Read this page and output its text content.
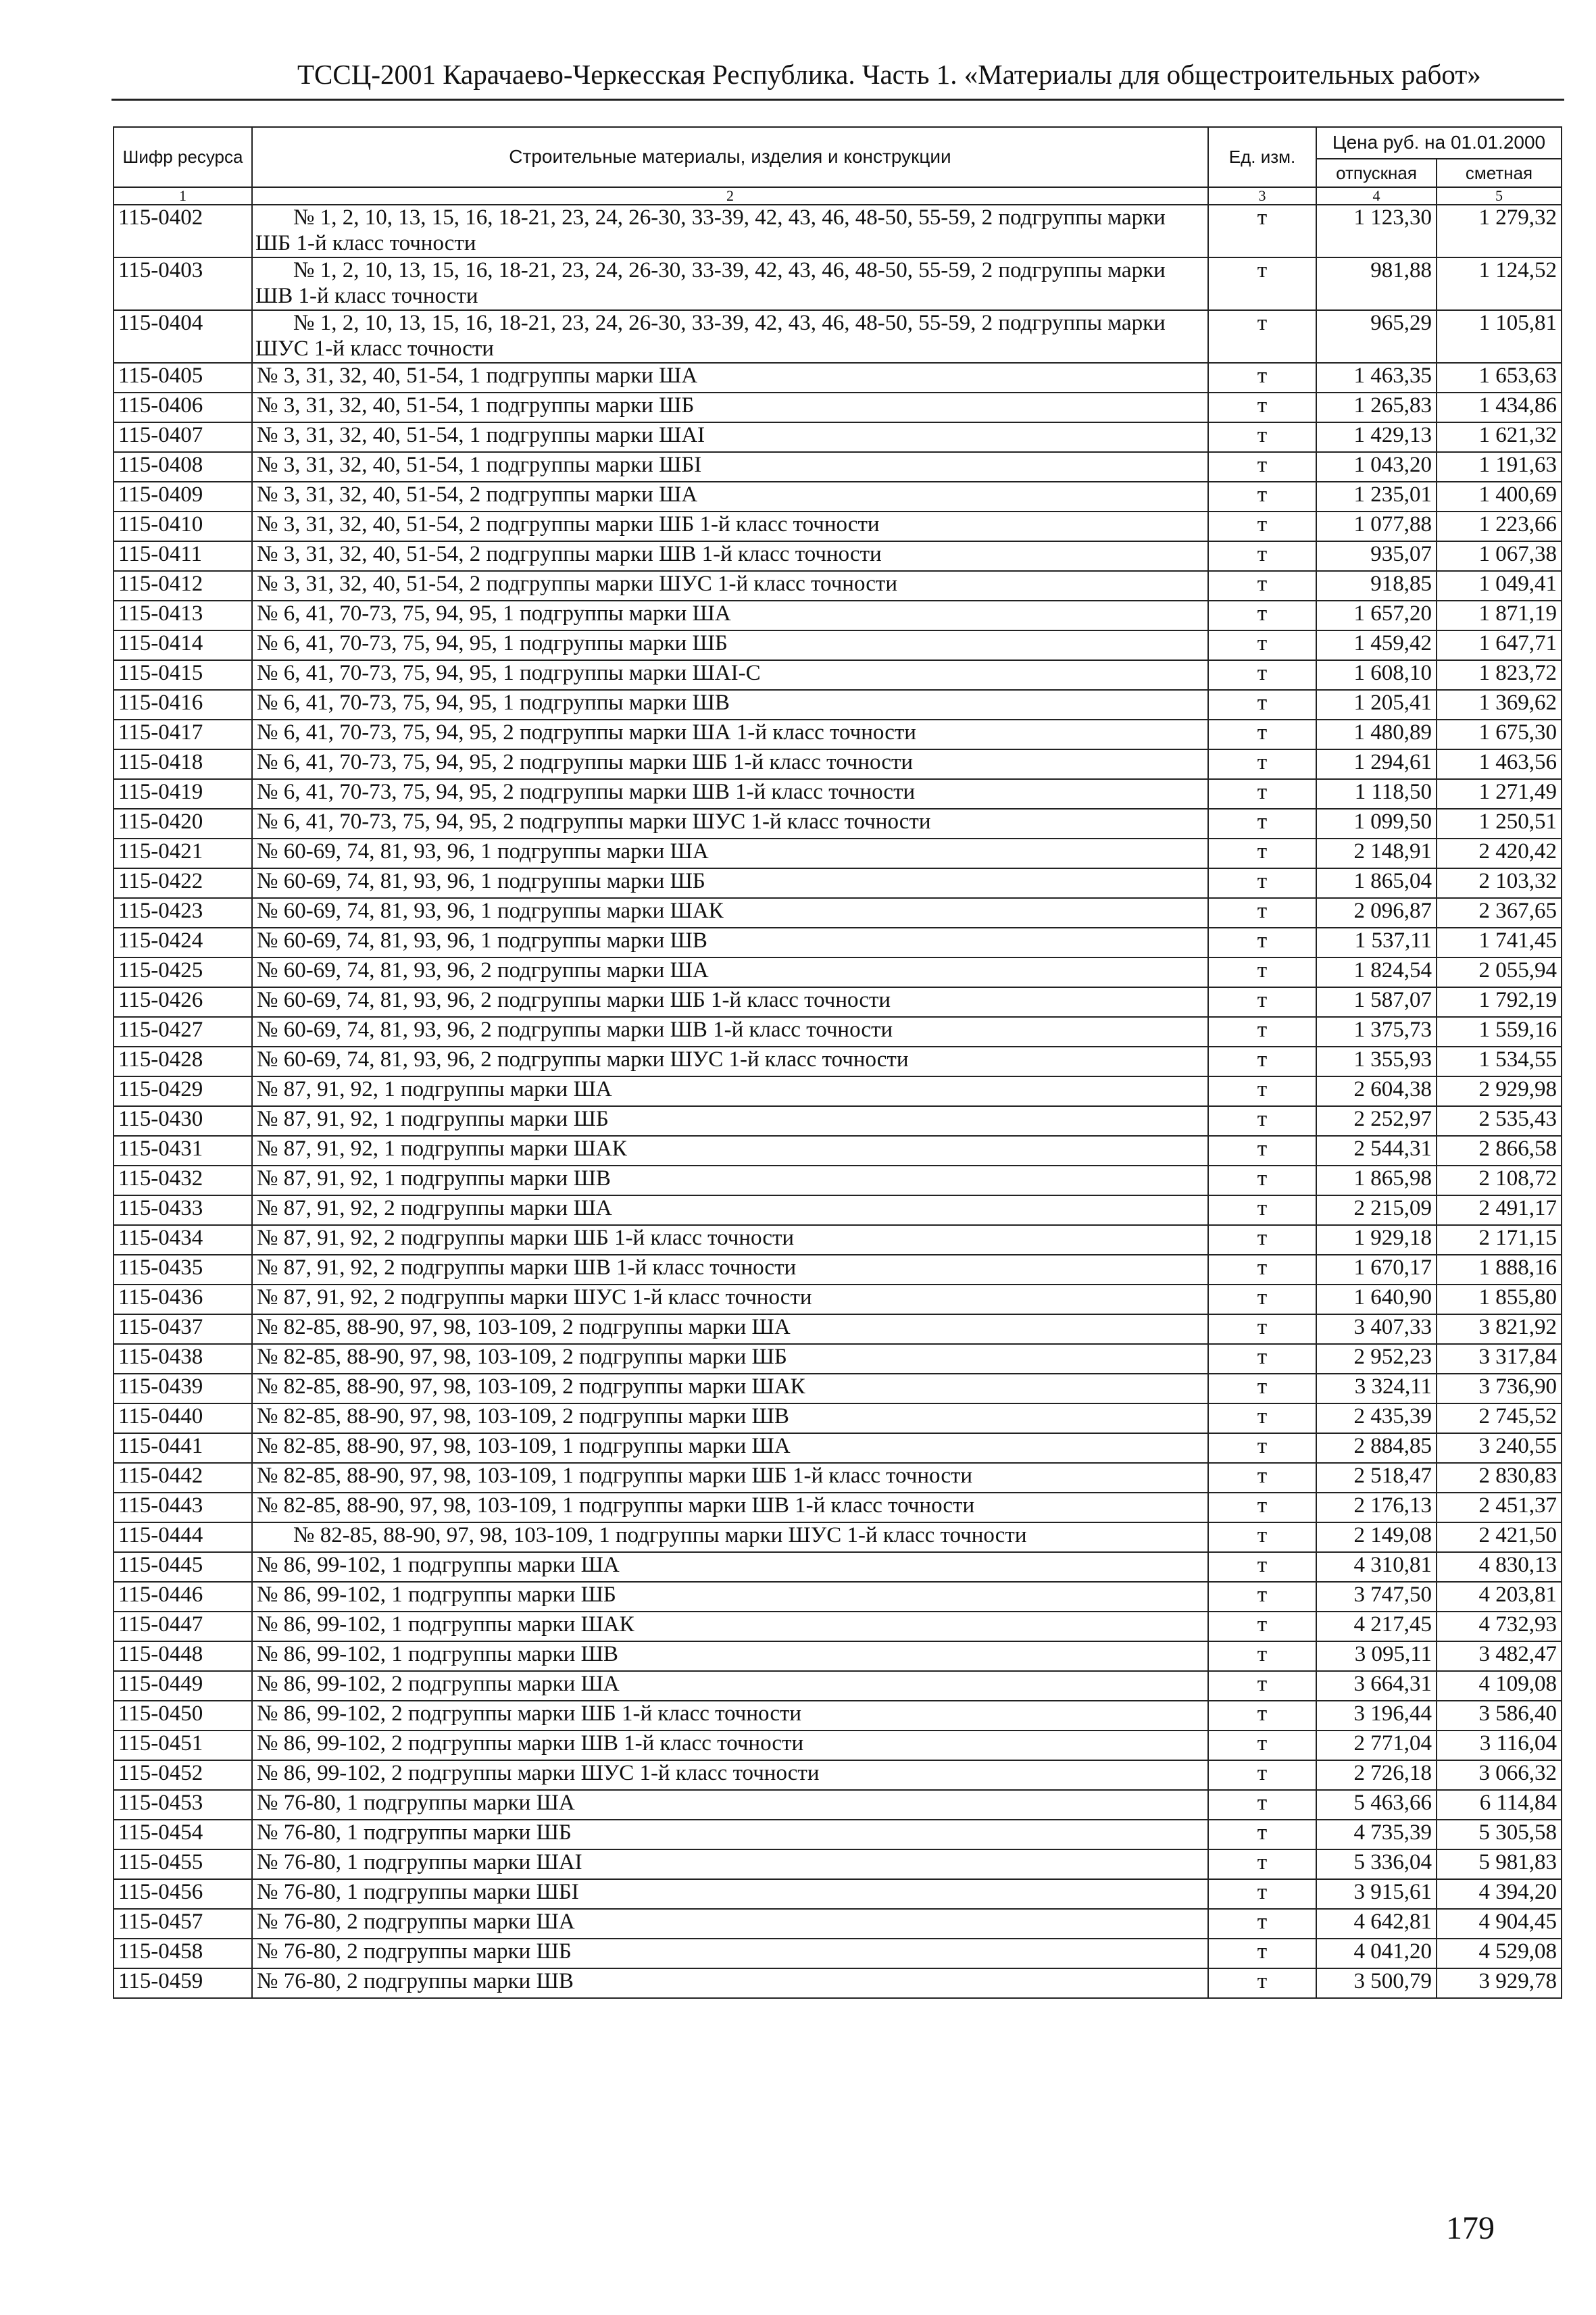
ТССЦ-2001 Карачаево-Черкесская Республика. Часть 1. «Материалы для общестроительных работ»
Шифр ресурса	Строительные материалы, изделия и конструкции	Ед. изм.	Цена руб. на 01.01.2000	
			отпускная	сметная
1	2	3	4	5
115-0402	№ 1, 2, 10, 13, 15, 16, 18-21, 23, 24, 26-30, 33-39, 42, 43, 46, 48-50, 55-59, 2 подгруппы марки ШБ 1-й класс точности	т	1 123,30	1 279,32
115-0403	№ 1, 2, 10, 13, 15, 16, 18-21, 23, 24, 26-30, 33-39, 42, 43, 46, 48-50, 55-59, 2 подгруппы марки ШВ 1-й класс точности	т	981,88	1 124,52
115-0404	№ 1, 2, 10, 13, 15, 16, 18-21, 23, 24, 26-30, 33-39, 42, 43, 46, 48-50, 55-59, 2 подгруппы марки ШУС 1-й класс точности	т	965,29	1 105,81
115-0405	№ 3, 31, 32, 40, 51-54, 1 подгруппы марки ША	т	1 463,35	1 653,63
115-0406	№ 3, 31, 32, 40, 51-54, 1 подгруппы марки ШБ	т	1 265,83	1 434,86
115-0407	№ 3, 31, 32, 40, 51-54, 1 подгруппы марки ШАI	т	1 429,13	1 621,32
115-0408	№ 3, 31, 32, 40, 51-54, 1 подгруппы марки ШБI	т	1 043,20	1 191,63
115-0409	№ 3, 31, 32, 40, 51-54, 2 подгруппы марки ША	т	1 235,01	1 400,69
115-0410	№ 3, 31, 32, 40, 51-54, 2 подгруппы марки ШБ 1-й класс точности	т	1 077,88	1 223,66
115-0411	№ 3, 31, 32, 40, 51-54, 2 подгруппы марки ШВ 1-й класс точности	т	935,07	1 067,38
115-0412	№ 3, 31, 32, 40, 51-54, 2 подгруппы марки ШУС 1-й класс точности	т	918,85	1 049,41
115-0413	№ 6, 41, 70-73, 75, 94, 95, 1 подгруппы марки ША	т	1 657,20	1 871,19
115-0414	№ 6, 41, 70-73, 75, 94, 95, 1 подгруппы марки ШБ	т	1 459,42	1 647,71
115-0415	№ 6, 41, 70-73, 75, 94, 95, 1 подгруппы марки ШАI-С	т	1 608,10	1 823,72
115-0416	№ 6, 41, 70-73, 75, 94, 95, 1 подгруппы марки ШВ	т	1 205,41	1 369,62
115-0417	№ 6, 41, 70-73, 75, 94, 95, 2 подгруппы марки ША 1-й класс точности	т	1 480,89	1 675,30
115-0418	№ 6, 41, 70-73, 75, 94, 95, 2 подгруппы марки ШБ 1-й класс точности	т	1 294,61	1 463,56
115-0419	№ 6, 41, 70-73, 75, 94, 95, 2 подгруппы марки ШВ 1-й класс точности	т	1 118,50	1 271,49
115-0420	№ 6, 41, 70-73, 75, 94, 95, 2 подгруппы марки ШУС 1-й класс точности	т	1 099,50	1 250,51
115-0421	№ 60-69, 74, 81, 93, 96, 1 подгруппы марки ША	т	2 148,91	2 420,42
115-0422	№ 60-69, 74, 81, 93, 96, 1 подгруппы марки ШБ	т	1 865,04	2 103,32
115-0423	№ 60-69, 74, 81, 93, 96, 1 подгруппы марки ШАК	т	2 096,87	2 367,65
115-0424	№ 60-69, 74, 81, 93, 96, 1 подгруппы марки ШВ	т	1 537,11	1 741,45
115-0425	№ 60-69, 74, 81, 93, 96, 2 подгруппы марки ША	т	1 824,54	2 055,94
115-0426	№ 60-69, 74, 81, 93, 96, 2 подгруппы марки ШБ 1-й класс точности	т	1 587,07	1 792,19
115-0427	№ 60-69, 74, 81, 93, 96, 2 подгруппы марки ШВ 1-й класс точности	т	1 375,73	1 559,16
115-0428	№ 60-69, 74, 81, 93, 96, 2 подгруппы марки ШУС 1-й класс точности	т	1 355,93	1 534,55
115-0429	№ 87, 91, 92, 1 подгруппы марки ША	т	2 604,38	2 929,98
115-0430	№ 87, 91, 92, 1 подгруппы марки ШБ	т	2 252,97	2 535,43
115-0431	№ 87, 91, 92, 1 подгруппы марки ШАК	т	2 544,31	2 866,58
115-0432	№ 87, 91, 92, 1 подгруппы марки ШВ	т	1 865,98	2 108,72
115-0433	№ 87, 91, 92, 2 подгруппы марки ША	т	2 215,09	2 491,17
115-0434	№ 87, 91, 92, 2 подгруппы марки ШБ 1-й класс точности	т	1 929,18	2 171,15
115-0435	№ 87, 91, 92, 2 подгруппы марки ШВ 1-й класс точности	т	1 670,17	1 888,16
115-0436	№ 87, 91, 92, 2 подгруппы марки ШУС 1-й класс точности	т	1 640,90	1 855,80
115-0437	№ 82-85, 88-90, 97, 98, 103-109, 2 подгруппы марки ША	т	3 407,33	3 821,92
115-0438	№ 82-85, 88-90, 97, 98, 103-109, 2 подгруппы марки ШБ	т	2 952,23	3 317,84
115-0439	№ 82-85, 88-90, 97, 98, 103-109, 2 подгруппы марки ШАК	т	3 324,11	3 736,90
115-0440	№ 82-85, 88-90, 97, 98, 103-109, 2 подгруппы марки ШВ	т	2 435,39	2 745,52
115-0441	№ 82-85, 88-90, 97, 98, 103-109, 1 подгруппы марки ША	т	2 884,85	3 240,55
115-0442	№ 82-85, 88-90, 97, 98, 103-109, 1 подгруппы марки ШБ 1-й класс точности	т	2 518,47	2 830,83
115-0443	№ 82-85, 88-90, 97, 98, 103-109, 1 подгруппы марки ШВ 1-й класс точности	т	2 176,13	2 451,37
115-0444	№ 82-85, 88-90, 97, 98, 103-109, 1 подгруппы марки ШУС 1-й класс точности	т	2 149,08	2 421,50
115-0445	№ 86, 99-102, 1 подгруппы марки ША	т	4 310,81	4 830,13
115-0446	№ 86, 99-102, 1 подгруппы марки ШБ	т	3 747,50	4 203,81
115-0447	№ 86, 99-102, 1 подгруппы марки ШАК	т	4 217,45	4 732,93
115-0448	№ 86, 99-102, 1 подгруппы марки ШВ	т	3 095,11	3 482,47
115-0449	№ 86, 99-102, 2 подгруппы марки ША	т	3 664,31	4 109,08
115-0450	№ 86, 99-102, 2 подгруппы марки ШБ 1-й класс точности	т	3 196,44	3 586,40
115-0451	№ 86, 99-102, 2 подгруппы марки ШВ 1-й класс точности	т	2 771,04	3 116,04
115-0452	№ 86, 99-102, 2 подгруппы марки ШУС 1-й класс точности	т	2 726,18	3 066,32
115-0453	№ 76-80, 1 подгруппы марки ША	т	5 463,66	6 114,84
115-0454	№ 76-80, 1 подгруппы марки ШБ	т	4 735,39	5 305,58
115-0455	№ 76-80, 1 подгруппы марки ШАI	т	5 336,04	5 981,83
115-0456	№ 76-80, 1 подгруппы марки ШБI	т	3 915,61	4 394,20
115-0457	№ 76-80, 2 подгруппы марки ША	т	4 642,81	4 904,45
115-0458	№ 76-80, 2 подгруппы марки ШБ	т	4 041,20	4 529,08
115-0459	№ 76-80, 2 подгруппы марки ШВ	т	3 500,79	3 929,78
179
